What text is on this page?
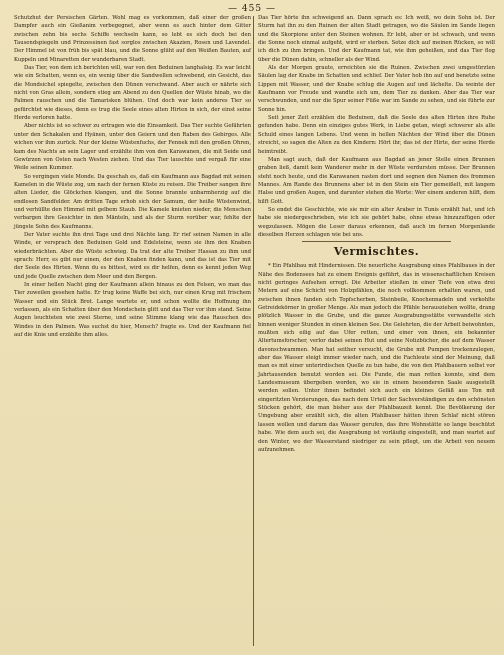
— 455 —

Schutzhut der Persischen Gärten. Wohl mag es vorkommen, daß einer der großen Dampfer auch ein Gießanim verbegegnet, aber wenn es auch hinter dem Gitter zwischen zehn bis sechs Schiffe wechseln kann, so lebt es sich doch bei den Tausendspiegeln und Prinzessinen fast sorglos zwischen Akazien, Rosen und Lavendel. Der Himmel ist von früh bis spät blau, und die Sonne glüht auf den Weißen Bauten, auf Kuppeln und Minaretten der wunderbaren Stadt.

Das Tier, von dem ich berichten will, war von den Beduinen langhalsig. Es war leicht wie ein Schatten, wenn es, ein wenig über die Sandwellen schwebend, ein Gesicht, das die Mondsichel spiegelte, zwischen den Dünen verschwand. Aber auch er nährte sich nicht von Gras allein, sondern stieg am Abend zu den Quellen der Wüste hinab, wo die Palmen rauschen und die Tamarisken blühen. Und doch war kein anderes Tier so gefürchtet wie dieses, denn es trug die Seele eines alten Hirten in sich, der einst seine Herde verloren hatte.

Aber nichts ist so schwer zu ertragen wie die Einsamkeit. Das Tier suchte Gefährten unter den Schakalen und Hyänen, unter den Geiern und den Raben des Gebirges. Alle wichen vor ihm zurück. Nur der kleine Wüstenfuchs, der Fennek mit den großen Ohren, kam des Nachts an sein Lager und erzählte ihm von den Karawanen, die mit Seide und Gewürzen von Osten nach Westen ziehen. Und das Tier lauschte und vergaß für eine Weile seinen Kummer.

So vergingen viele Monde. Da geschah es, daß ein Kaufmann aus Bagdad mit seinen Kamelen in die Wüste zog, um nach der fernen Küste zu reisen. Die Treiber sangen ihre alten Lieder, die Glöckchen klangen, und die Sonne brannte unbarmherzig auf die endlosen Sandfelder. Am dritten Tage erhob sich der Samum, der heiße Wüstenwind, und verhüllte den Himmel mit gelbem Staub. Die Kamele knieten nieder, die Menschen verbargen ihre Gesichter in den Mänteln, und als der Sturm vorüber war, fehlte der jüngste Sohn des Kaufmanns.

Der Vater suchte ihn drei Tage und drei Nächte lang. Er rief seinen Namen in alle Winde, er versprach den Beduinen Gold und Edelsteine, wenn sie ihm den Knaben wiederbrächten. Aber die Wüste schwieg. Da trat der alte Treiber Hassan zu ihm und sprach: Herr, es gibt nur einen, der den Knaben finden kann, und das ist das Tier mit der Seele des Hirten. Wenn du es bittest, wird es dir helfen, denn es kennt jeden Weg und jede Quelle zwischen dem Meer und den Bergen.

In einer hellen Nacht ging der Kaufmann allein hinaus zu den Felsen, wo man das Tier zuweilen gesehen hatte. Er trug keine Waffe bei sich, nur einen Krug mit frischem Wasser und ein Stück Brot. Lange wartete er, und schon wollte die Hoffnung ihn verlassen, als ein Schatten über den Mondschein glitt und das Tier vor ihm stand. Seine Augen leuchteten wie zwei Sterne, und seine Stimme klang wie das Rauschen des Windes in den Palmen. Was suchst du hier, Mensch? fragte es. Und der Kaufmann fiel auf die Knie und erzählte ihm alles.

Das Tier hörte ihn schweigend an. Dann sprach es: Ich weiß, wo dein Sohn ist. Der Sturm hat ihn zu den Ruinen der alten Stadt getragen, wo die Säulen im Sande liegen und die Skorpione unter den Steinen wohnen. Er lebt, aber er ist schwach, und wenn die Sonne noch einmal aufgeht, wird er sterben. Setze dich auf meinen Rücken, so will ich dich zu ihm bringen. Und der Kaufmann tat, wie ihm geheißen, und das Tier flog über die Dünen dahin, schneller als der Wind.

Als der Morgen graute, erreichten sie die Ruinen. Zwischen zwei umgestürzten Säulen lag der Knabe im Schatten und schlief. Der Vater hob ihn auf und benetzte seine Lippen mit Wasser, und der Knabe schlug die Augen auf und lächelte. Da weinte der Kaufmann vor Freude und wandte sich um, dem Tier zu danken. Aber das Tier war verschwunden, und nur die Spur seiner Füße war im Sande zu sehen, und sie führte zur Sonne hin.

Seit jener Zeit erzählen die Beduinen, daß die Seele des alten Hirten ihre Ruhe gefunden habe. Denn ein einziges gutes Werk, in Liebe getan, wiegt schwerer als alle Schuld eines langen Lebens. Und wenn in hellen Nächten der Wind über die Dünen streicht, so sagen die Alten zu den Kindern: Hört ihr, das ist der Hirte, der seine Herde heimtreibt.

Man sagt auch, daß der Kaufmann aus Bagdad an jener Stelle einen Brunnen graben ließ, damit kein Wanderer mehr in der Wüste verdursten müsse. Der Brunnen steht noch heute, und die Karawanen rasten dort und segnen den Namen des frommen Mannes. Am Rande des Brunnens aber ist in den Stein ein Tier gemeißelt, mit langem Halse und großen Augen, und darunter stehen die Worte: Wer einem anderen hilft, dem hilft Gott.

So endet die Geschichte, wie sie mir ein alter Araber in Tunis erzählt hat, und ich habe sie niedergeschrieben, wie ich sie gehört habe, ohne etwas hinzuzufügen oder wegzulassen. Mögen die Leser daraus erkennen, daß auch im fernen Morgenlande dieselben Herzen schlagen wie bei uns.

Vermischtes.

* Ein Pfahlbau mit Hindernissen. Die neuerliche Ausgrabung eines Pfahlbaues in der Nähe des Bodensees hat zu einem Ereignis geführt, das in wissenschaftlichen Kreisen nicht geringes Aufsehen erregt. Die Arbeiter stießen in einer Tiefe von etwa drei Metern auf eine Schicht von Holzpfählen, die noch vollkommen erhalten waren, und zwischen ihnen fanden sich Topfscherben, Steinbeile, Knochennadeln und verkohlte Getreidekörner in großer Menge. Als man jedoch die Pfähle herausziehen wollte, drang plötzlich Wasser in die Grube, und die ganze Ausgrabungsstätte verwandelte sich binnen weniger Stunden in einen kleinen See. Die Gelehrten, die der Arbeit beiwohnten, mußten sich eilig auf das Ufer retten, und einer von ihnen, ein bekannter Altertumsforscher, verlor dabei seinen Hut und seine Notizbücher, die auf dem Wasser davonschwammen. Man hat seither versucht, die Grube mit Pumpen trockenzulegen, aber das Wasser steigt immer wieder nach, und die Fachleute sind der Meinung, daß man es mit einer unterirdischen Quelle zu tun habe, die von den Pfahlbauern selbst vor Jahrtausenden benutzt worden sei. Die Funde, die man retten konnte, sind dem Landesmuseum übergeben worden, wo sie in einem besonderen Saale ausgestellt werden sollen. Unter ihnen befindet sich auch ein kleines Gefäß aus Ton mit eingeritzten Verzierungen, das nach dem Urteil der Sachverständigen zu den schönsten Stücken gehört, die man bisher aus der Pfahlbauzeit kennt. Die Bevölkerung der Umgebung aber erzählt sich, die alten Pfahlbauer hätten ihren Schlaf nicht stören lassen wollen und darum das Wasser gerufen, das ihre Wohnstätte so lange beschützt habe. Wie dem auch sei, die Ausgrabung ist vorläufig eingestellt, und man wartet auf den Winter, wo der Wasserstand niedriger zu sein pflegt, um die Arbeit von neuem aufzunehmen.
